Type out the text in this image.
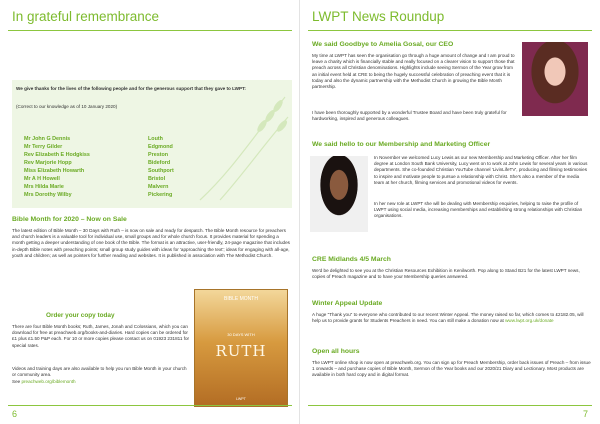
In grateful remembrance
We give thanks for the lives of the following people and for the generous support that they gave to LWPT:
(Correct to our knowledge as of 10 January 2020)
Mr John G Dennis
Mr Terry Gilder
Rev Elizabeth E Hodgkiss
Rev Marjorie Hopp
Miss Elizabeth Howarth
Mr A H Howell
Mrs Hilda Marie
Mrs Dorothy Wilby
Louth
Edgmond
Preston
Bideford
Southport
Bristol
Malvern
Pickering
Bible Month for 2020 – Now on Sale
The latest edition of Bible Month – 30 Days with Ruth – is now on sale and ready for despatch. The Bible Month resource for preachers and church leaders is a valuable tool for individual use, small groups and for whole church focus. It provides material for spending a month getting a deeper understanding of one book of the Bible. The format is an attractive, user-friendly, 24-page magazine that includes in-depth Bible notes with preaching points; small group study guides with ideas for 'approaching the text'; ideas for engaging with all-age, youth and children; as well as pointers for further reading and websites. It is published in association with The Methodist Church.
Order your copy today
There are four Bible Month books; Ruth, James, Jonah and Colossians, which you can download for free at preachweb.org/books-and-diaries. Hard copies can be ordered for £1 plus £1.50 P&P each. For 10 or more copies please contact us on 01923 231811 for special rates.
Videos and training days are also available to help you run Bible Month in your church or community area.
See preachweb.org/biblemonth
BIBLE MONTH
30 DAYS WITH
RUTH
LWPT
6
LWPT News Roundup
We said Goodbye to Amelia Gosal, our CEO
My time at LWPT has seen the organisation go through a huge amount of change and I am proud to leave a charity which is financially stable and really focused on a clearer vision to support those that preach across all Christian denominations. Highlights include seeing Sermon of the Year grow from an initial event held at CRE to being the hugely successful celebration of preaching event that it is today and also the dynamic partnership with the Methodist Church in growing the Bible Month partnership.
I have been thoroughly supported by a wonderful Trustee Board and have been truly grateful for hardworking, inspired and generous colleagues.
We said hello to our Membership and Marketing Officer
In November we welcomed Lucy Lewis as our new Membership and Marketing Officer. After her film degree at London South Bank University, Lucy went on to work at John Lewis for several years in various departments. She co-founded Christian YouTube channel 'LivinLifeTV', producing and filming testimonies to inspire and motivate people to pursue a relationship with Christ. She's also a member of the media team at her church, filming services and promotional videos for events.
In her new role at LWPT she will be dealing with Membership enquiries, helping to raise the profile of LWPT using social media, increasing memberships and establishing strong relationships with Christian organisations.
CRE Midlands 4/5 March
We'd be delighted to see you at the Christian Resources Exhibition in Kenilworth. Pop along to Stand B21 for the latest LWPT news, copies of Preach magazine and to have your Membership queries answered.
Winter Appeal Update
A huge "Thank you" to everyone who contributed to our recent Winter Appeal. The money raised so far, which comes to £2182.05, will help us to provide grants for Students Preachers in need. You can still make a donation now at www.lwpt.org.uk/donate
Open all hours
The LWPT online shop is now open at preachweb.org. You can sign up for Preach Membership, order back issues of Preach – from issue 1 onwards – and purchase copies of Bible Month, Sermon of the Year books and our 2020/21 Diary and Lectionary. Most products are available in both hard copy and in digital format.
7
